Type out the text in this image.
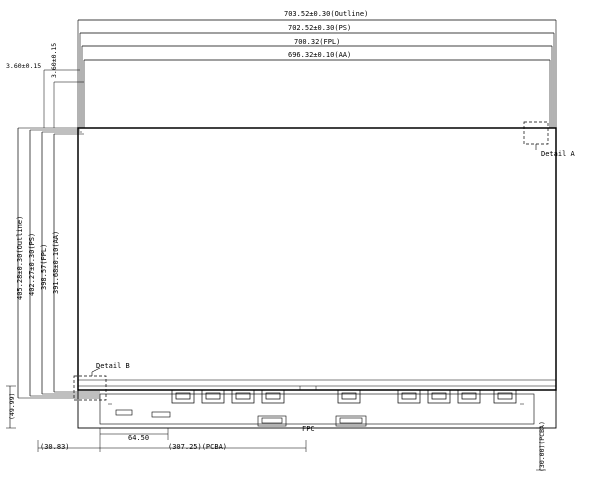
703.52±0.30(Outline)
702.52±0.30(PS)
700.32(FPL)
696.32±0.10(AA)
3.60±0.15 3.60±0.15
405.28±0.30(Outline) 402.27±0.30(PS) 398.57(FPL) 391.68±0.10(AA)
Detail A
Detail B
FPC
64.50
(30.83)	(307.25)(PCBA)
(49.99)
(30.00)(PCBA)
